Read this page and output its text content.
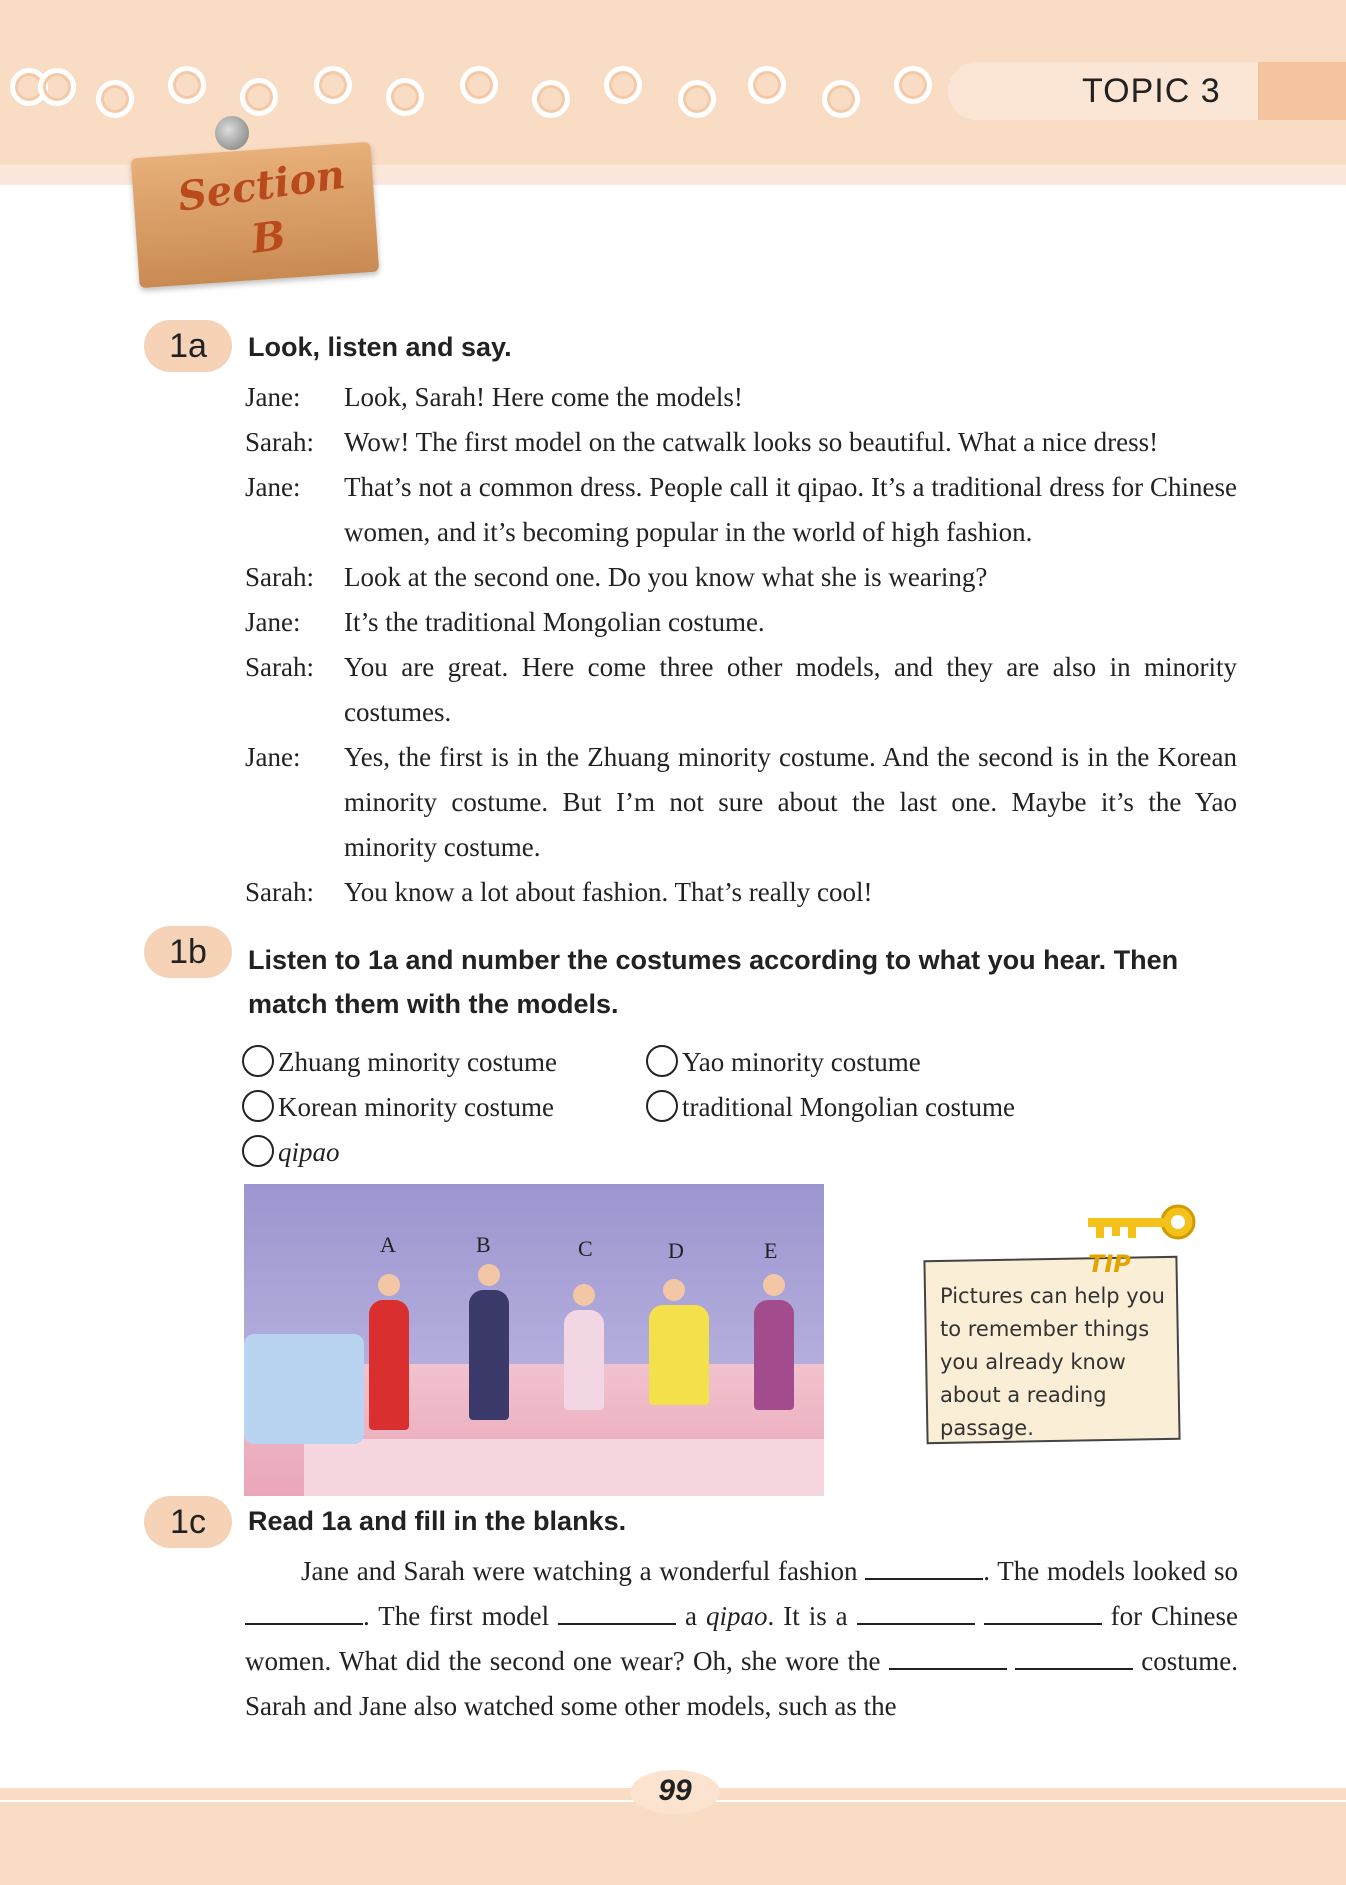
TOPIC 3
Section
B
1a	Look, listen and say.
Jane:	Look, Sarah! Here come the models!
Sarah:	Wow! The first model on the catwalk looks so beautiful. What a nice dress!
Jane:	That’s not a common dress. People call it qipao. It’s a traditional dress for Chinese women, and it’s becoming popular in the world of high fashion.
Sarah:	Look at the second one. Do you know what she is wearing?
Jane:	It’s the traditional Mongolian costume.
Sarah:	You are great. Here come three other models, and they are also in minority costumes.
Jane:	Yes, the first is in the Zhuang minority costume. And the second is in the Korean minority costume. But I’m not sure about the last one. Maybe it’s the Yao minority costume.
Sarah:	You know a lot about fashion. That’s really cool!
1b	Listen to 1a and number the costumes according to what you hear. Then match them with the models.
Zhuang minority costume	Yao minority costume
Korean minority costume	traditional Mongolian costume
qipao
A	B	C	D	E	TIP
Pictures can help you to remember things you already know about a reading passage.
1c	Read 1a and fill in the blanks.
Jane and Sarah were watching a wonderful fashion	. The models looked so . The first model	a qipao. It is a	for Chinese women. What did the second one wear? Oh, she wore the	costume. Sarah and Jane also watched some other models, such as the
99
